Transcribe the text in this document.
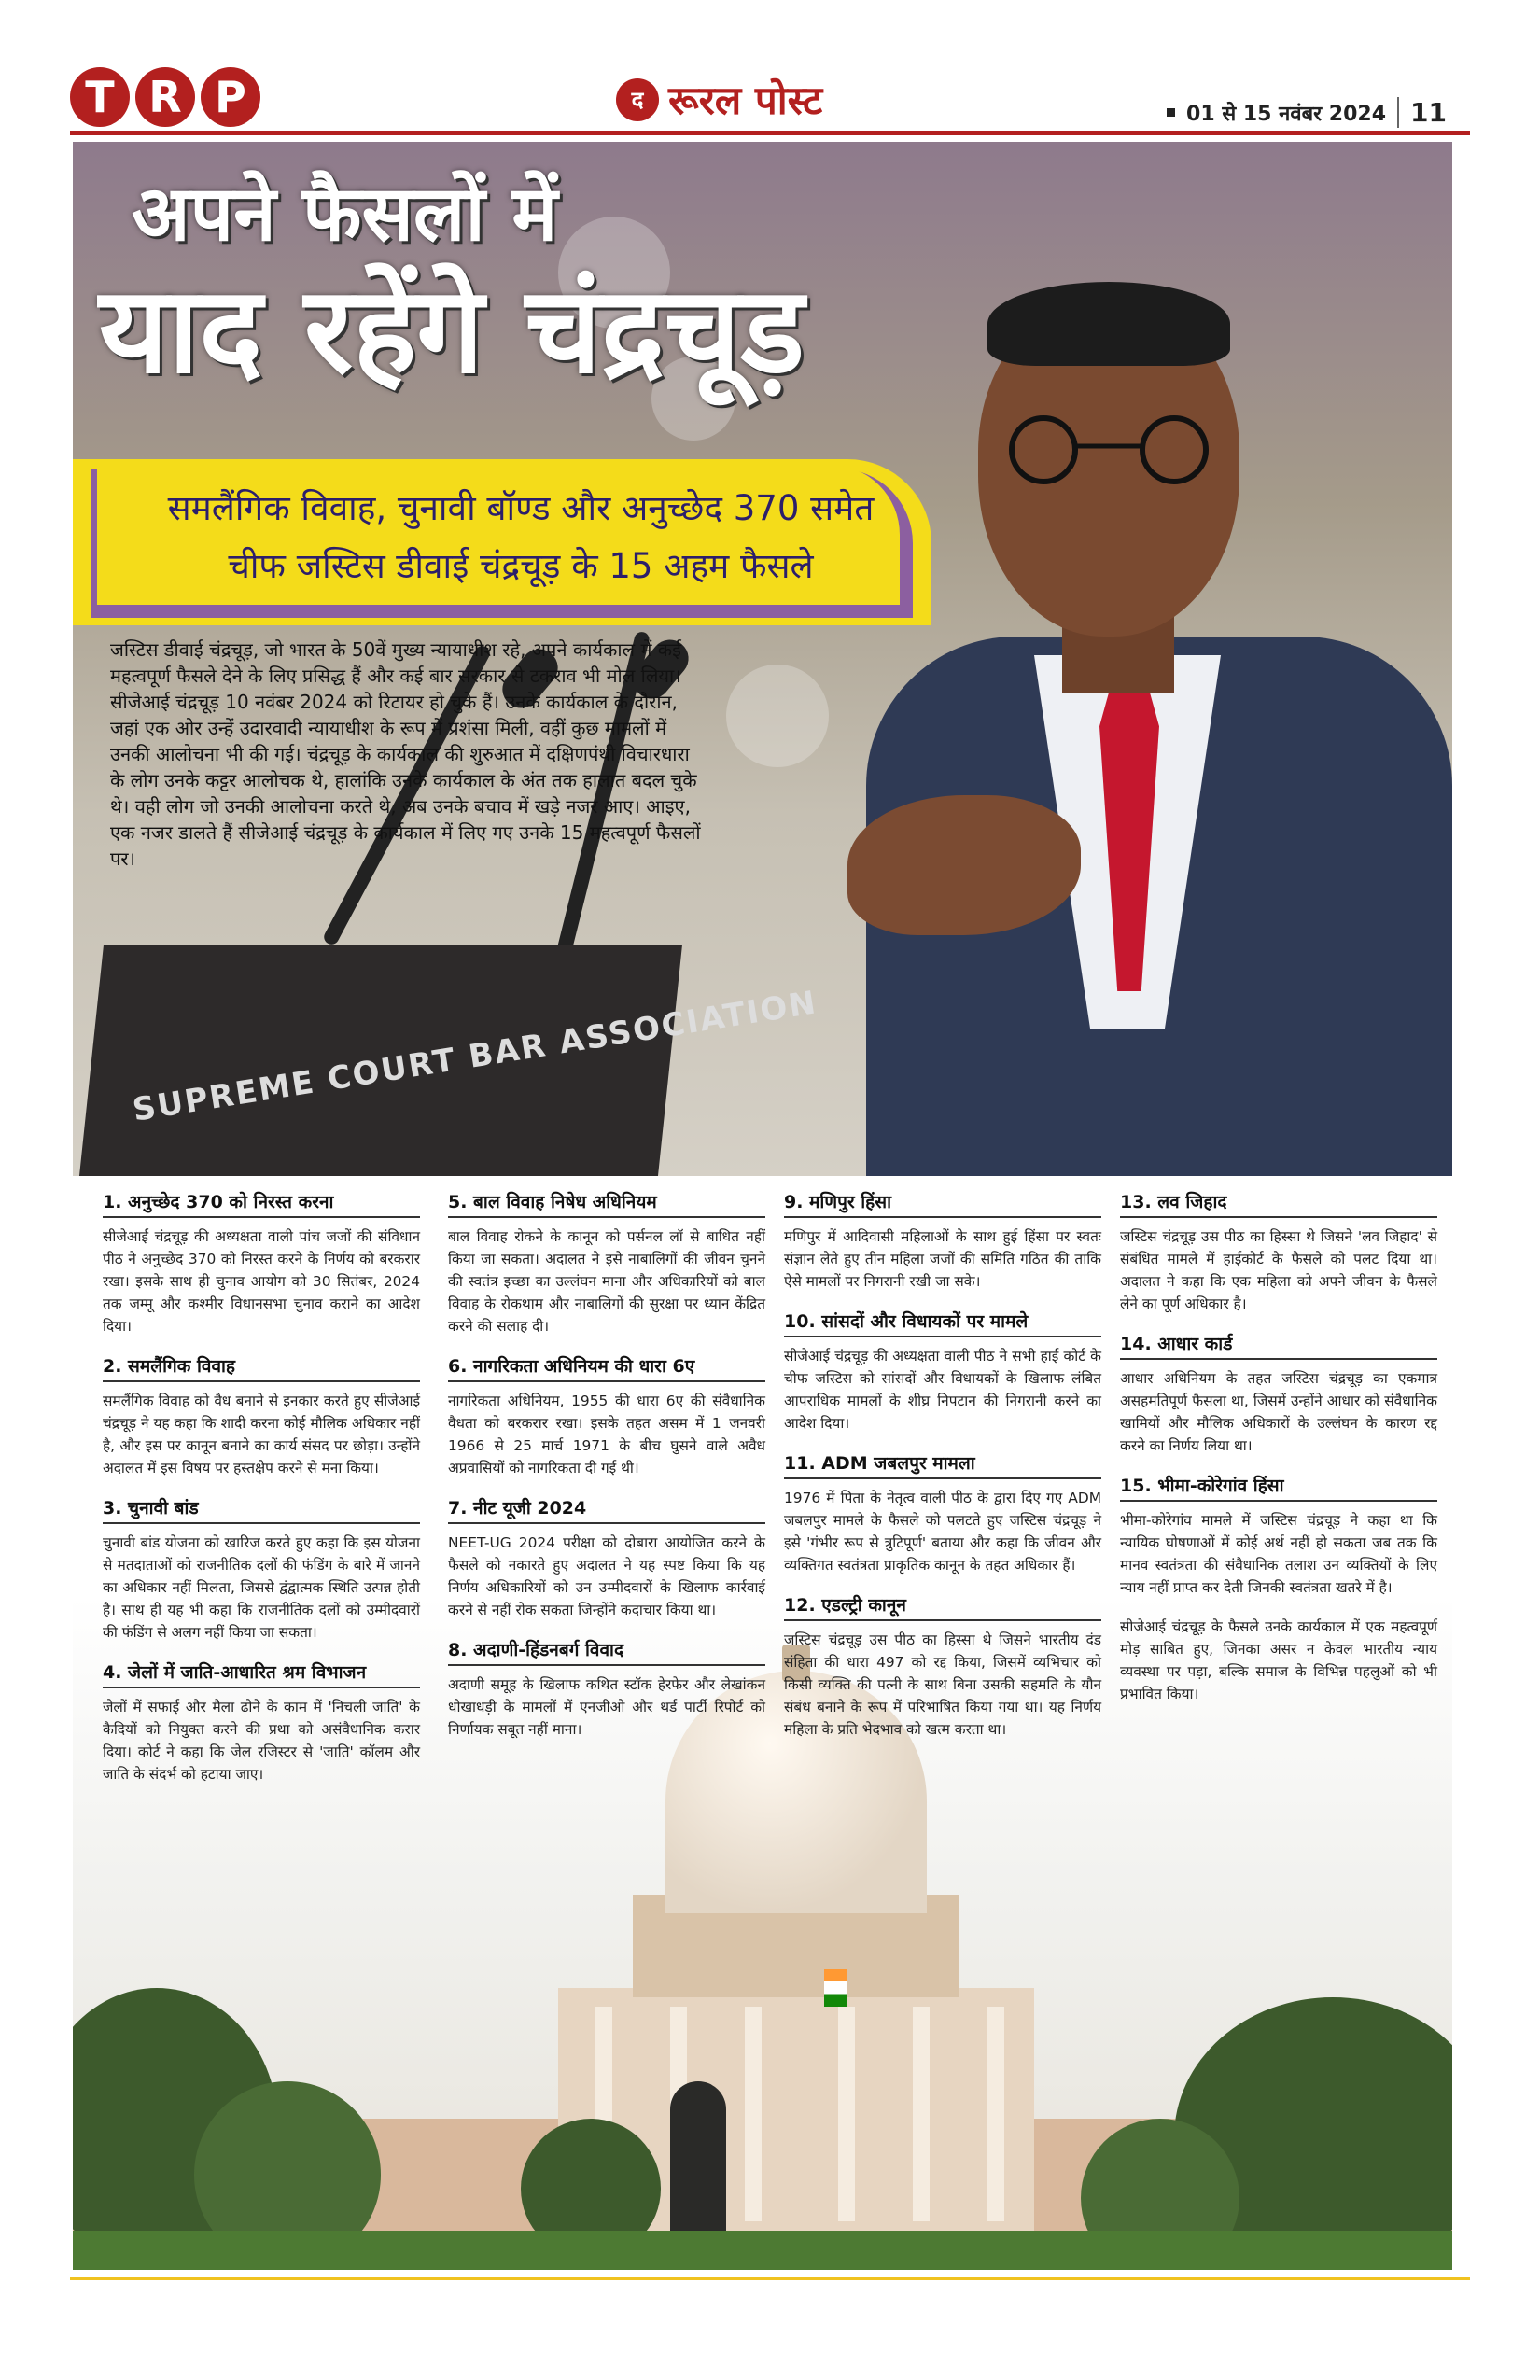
T R P	द रूरल पोस्ट	01 से 15 नवंबर 2024 11
SUPREME COURT BAR ASSOCIATION
अपने फैसलों में
याद रहेंगे चंद्रचूड़
समलैंगिक विवाह, चुनावी बॉण्ड और अनुच्छेद 370 समेत
चीफ जस्टिस डीवाई चंद्रचूड़ के 15 अहम फैसले
जस्टिस डीवाई चंद्रचूड़, जो भारत के 50वें मुख्य न्यायाधीश रहे, अपने कार्यकाल में कई महत्वपूर्ण फैसले देने के लिए प्रसिद्ध हैं और कई बार सरकार से टकराव भी मोल लिया। सीजेआई चंद्रचूड़ 10 नवंबर 2024 को रिटायर हो चुके हैं। उनके कार्यकाल के दौरान, जहां एक ओर उन्हें उदारवादी न्यायाधीश के रूप में प्रशंसा मिली, वहीं कुछ मामलों में उनकी आलोचना भी की गई। चंद्रचूड़ के कार्यकाल की शुरुआत में दक्षिणपंथी विचारधारा के लोग उनके कट्टर आलोचक थे, हालांकि उनके कार्यकाल के अंत तक हालात बदल चुके थे। वही लोग जो उनकी आलोचना करते थे, अब उनके बचाव में खड़े नजर आए। आइए, एक नजर डालते हैं सीजेआई चंद्रचूड़ के कार्यकाल में लिए गए उनके 15 महत्वपूर्ण फैसलों पर।
1. अनुच्छेद 370 को निरस्त करना
सीजेआई चंद्रचूड़ की अध्यक्षता वाली पांच जजों की संविधान पीठ ने अनुच्छेद 370 को निरस्त करने के निर्णय को बरकरार रखा। इसके साथ ही चुनाव आयोग को 30 सितंबर, 2024 तक जम्मू और कश्मीर विधानसभा चुनाव कराने का आदेश दिया।
2. समलैंगिक विवाह
समलैंगिक विवाह को वैध बनाने से इनकार करते हुए सीजेआई चंद्रचूड़ ने यह कहा कि शादी करना कोई मौलिक अधिकार नहीं है, और इस पर कानून बनाने का कार्य संसद पर छोड़ा। उन्होंने अदालत में इस विषय पर हस्तक्षेप करने से मना किया।
3. चुनावी बांड
चुनावी बांड योजना को खारिज करते हुए कहा कि इस योजना से मतदाताओं को राजनीतिक दलों की फंडिंग के बारे में जानने का अधिकार नहीं मिलता, जिससे द्वंद्वात्मक स्थिति उत्पन्न होती है। साथ ही यह भी कहा कि राजनीतिक दलों को उम्मीदवारों की फंडिंग से अलग नहीं किया जा सकता।
4. जेलों में जाति-आधारित श्रम विभाजन
जेलों में सफाई और मैला ढोने के काम में 'निचली जाति' के कैदियों को नियुक्त करने की प्रथा को असंवैधानिक करार दिया। कोर्ट ने कहा कि जेल रजिस्टर से 'जाति' कॉलम और जाति के संदर्भ को हटाया जाए।
5. बाल विवाह निषेध अधिनियम
बाल विवाह रोकने के कानून को पर्सनल लॉ से बाधित नहीं किया जा सकता। अदालत ने इसे नाबालिगों की जीवन चुनने की स्वतंत्र इच्छा का उल्लंघन माना और अधिकारियों को बाल विवाह के रोकथाम और नाबालिगों की सुरक्षा पर ध्यान केंद्रित करने की सलाह दी।
6. नागरिकता अधिनियम की धारा 6ए
नागरिकता अधिनियम, 1955 की धारा 6ए की संवैधानिक वैधता को बरकरार रखा। इसके तहत असम में 1 जनवरी 1966 से 25 मार्च 1971 के बीच घुसने वाले अवैध अप्रवासियों को नागरिकता दी गई थी।
7. नीट यूजी 2024
NEET-UG 2024 परीक्षा को दोबारा आयोजित करने के फैसले को नकारते हुए अदालत ने यह स्पष्ट किया कि यह निर्णय अधिकारियों को उन उम्मीदवारों के खिलाफ कार्रवाई करने से नहीं रोक सकता जिन्होंने कदाचार किया था।
8. अदाणी-हिंडनबर्ग विवाद
अदाणी समूह के खिलाफ कथित स्टॉक हेरफेर और लेखांकन धोखाधड़ी के मामलों में एनजीओ और थर्ड पार्टी रिपोर्ट को निर्णायक सबूत नहीं माना।
9. मणिपुर हिंसा
मणिपुर में आदिवासी महिलाओं के साथ हुई हिंसा पर स्वतः संज्ञान लेते हुए तीन महिला जजों की समिति गठित की ताकि ऐसे मामलों पर निगरानी रखी जा सके।
10. सांसदों और विधायकों पर मामले
सीजेआई चंद्रचूड़ की अध्यक्षता वाली पीठ ने सभी हाई कोर्ट के चीफ जस्टिस को सांसदों और विधायकों के खिलाफ लंबित आपराधिक मामलों के शीघ्र निपटान की निगरानी करने का आदेश दिया।
11. ADM जबलपुर मामला
1976 में पिता के नेतृत्व वाली पीठ के द्वारा दिए गए ADM जबलपुर मामले के फैसले को पलटते हुए जस्टिस चंद्रचूड़ ने इसे 'गंभीर रूप से त्रुटिपूर्ण' बताया और कहा कि जीवन और व्यक्तिगत स्वतंत्रता प्राकृतिक कानून के तहत अधिकार हैं।
12. एडल्ट्री कानून
जस्टिस चंद्रचूड़ उस पीठ का हिस्सा थे जिसने भारतीय दंड संहिता की धारा 497 को रद्द किया, जिसमें व्यभिचार को किसी व्यक्ति की पत्नी के साथ बिना उसकी सहमति के यौन संबंध बनाने के रूप में परिभाषित किया गया था। यह निर्णय महिला के प्रति भेदभाव को खत्म करता था।
13. लव जिहाद
जस्टिस चंद्रचूड़ उस पीठ का हिस्सा थे जिसने 'लव जिहाद' से संबंधित मामले में हाईकोर्ट के फैसले को पलट दिया था। अदालत ने कहा कि एक महिला को अपने जीवन के फैसले लेने का पूर्ण अधिकार है।
14. आधार कार्ड
आधार अधिनियम के तहत जस्टिस चंद्रचूड़ का एकमात्र असहमतिपूर्ण फैसला था, जिसमें उन्होंने आधार को संवैधानिक खामियों और मौलिक अधिकारों के उल्लंघन के कारण रद्द करने का निर्णय लिया था।
15. भीमा-कोरेगांव हिंसा
भीमा-कोरेगांव मामले में जस्टिस चंद्रचूड़ ने कहा था कि न्यायिक घोषणाओं में कोई अर्थ नहीं हो सकता जब तक कि मानव स्वतंत्रता की संवैधानिक तलाश उन व्यक्तियों के लिए न्याय नहीं प्राप्त कर देती जिनकी स्वतंत्रता खतरे में है।
सीजेआई चंद्रचूड़ के फैसले उनके कार्यकाल में एक महत्वपूर्ण मोड़ साबित हुए, जिनका असर न केवल भारतीय न्याय व्यवस्था पर पड़ा, बल्कि समाज के विभिन्न पहलुओं को भी प्रभावित किया।
